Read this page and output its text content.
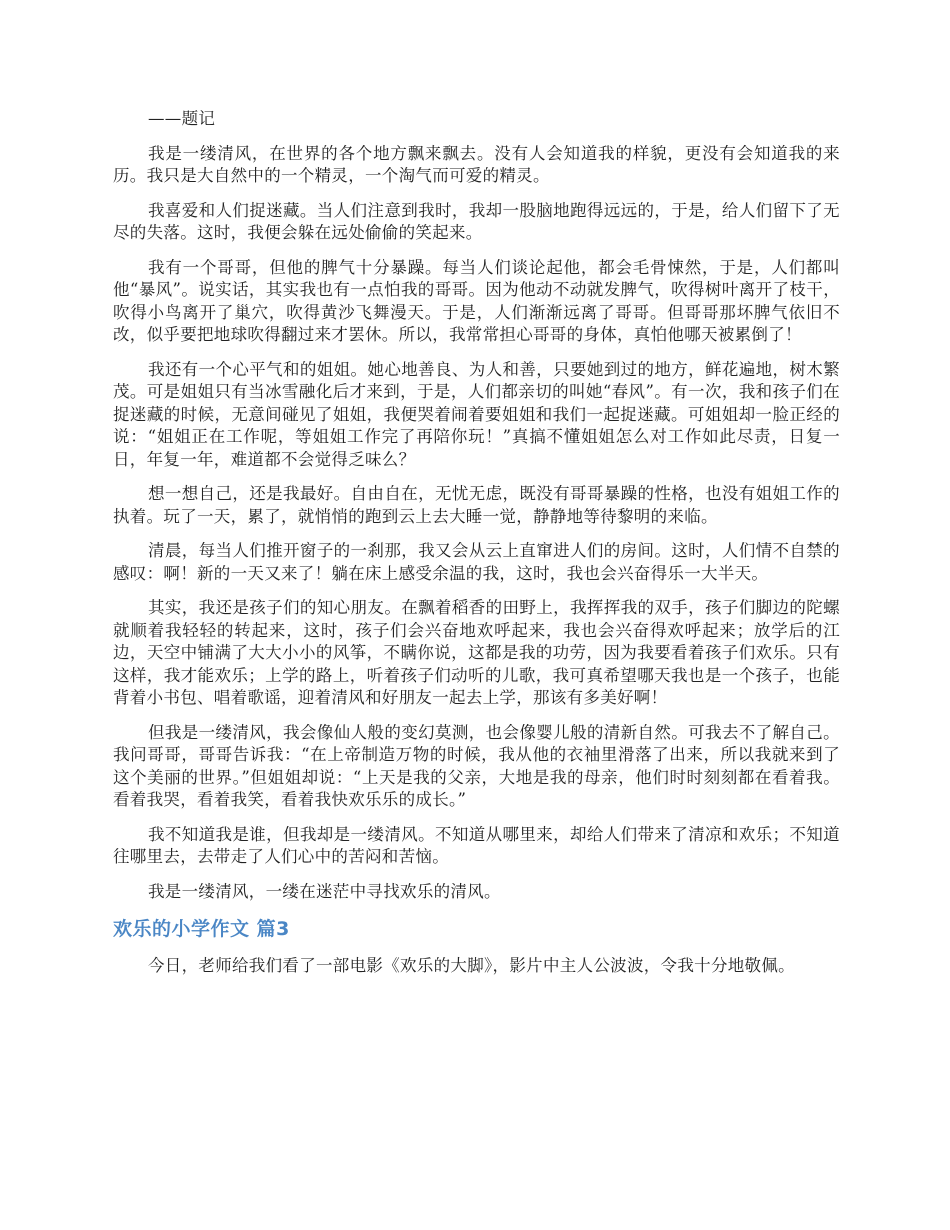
——题记

我是一缕清风，在世界的各个地方飘来飘去。没有人会知道我的样貌，更没有会知道我的来历。我只是大自然中的一个精灵，一个淘气而可爱的精灵。

我喜爱和人们捉迷藏。当人们注意到我时，我却一股脑地跑得远远的，于是，给人们留下了无尽的失落。这时，我便会躲在远处偷偷的笑起来。

我有一个哥哥，但他的脾气十分暴躁。每当人们谈论起他，都会毛骨悚然，于是，人们都叫他“暴风”。说实话，其实我也有一点怕我的哥哥。因为他动不动就发脾气，吹得树叶离开了枝干，吹得小鸟离开了巢穴，吹得黄沙飞舞漫天。于是，人们渐渐远离了哥哥。但哥哥那坏脾气依旧不改，似乎要把地球吹得翻过来才罢休。所以，我常常担心哥哥的身体，真怕他哪天被累倒了！

我还有一个心平气和的姐姐。她心地善良、为人和善，只要她到过的地方，鲜花遍地，树木繁茂。可是姐姐只有当冰雪融化后才来到，于是，人们都亲切的叫她“春风”。有一次，我和孩子们在捉迷藏的时候，无意间碰见了姐姐，我便哭着闹着要姐姐和我们一起捉迷藏。可姐姐却一脸正经的说：“姐姐正在工作呢，等姐姐工作完了再陪你玩！”真搞不懂姐姐怎么对工作如此尽责，日复一日，年复一年，难道都不会觉得乏味么？

想一想自己，还是我最好。自由自在，无忧无虑，既没有哥哥暴躁的性格，也没有姐姐工作的执着。玩了一天，累了，就悄悄的跑到云上去大睡一觉，静静地等待黎明的来临。

清晨，每当人们推开窗子的一刹那，我又会从云上直窜进人们的房间。这时，人们情不自禁的感叹：啊！新的一天又来了！躺在床上感受余温的我，这时，我也会兴奋得乐一大半天。

其实，我还是孩子们的知心朋友。在飘着稻香的田野上，我挥挥我的双手，孩子们脚边的陀螺就顺着我轻轻的转起来，这时，孩子们会兴奋地欢呼起来，我也会兴奋得欢呼起来；放学后的江边，天空中铺满了大大小小的风筝，不瞒你说，这都是我的功劳，因为我要看着孩子们欢乐。只有这样，我才能欢乐；上学的路上，听着孩子们动听的儿歌，我可真希望哪天我也是一个孩子，也能背着小书包、唱着歌谣，迎着清风和好朋友一起去上学，那该有多美好啊！

但我是一缕清风，我会像仙人般的变幻莫测，也会像婴儿般的清新自然。可我去不了解自己。我问哥哥，哥哥告诉我：“在上帝制造万物的时候，我从他的衣袖里滑落了出来，所以我就来到了这个美丽的世界。”但姐姐却说：“上天是我的父亲，大地是我的母亲，他们时时刻刻都在看着我。看着我哭，看着我笑，看着我快欢乐乐的成长。”

我不知道我是谁，但我却是一缕清风。不知道从哪里来，却给人们带来了清凉和欢乐；不知道往哪里去，去带走了人们心中的苦闷和苦恼。

我是一缕清风，一缕在迷茫中寻找欢乐的清风。

欢乐的小学作文 篇3

今日，老师给我们看了一部电影《欢乐的大脚》，影片中主人公波波，令我十分地敬佩。
